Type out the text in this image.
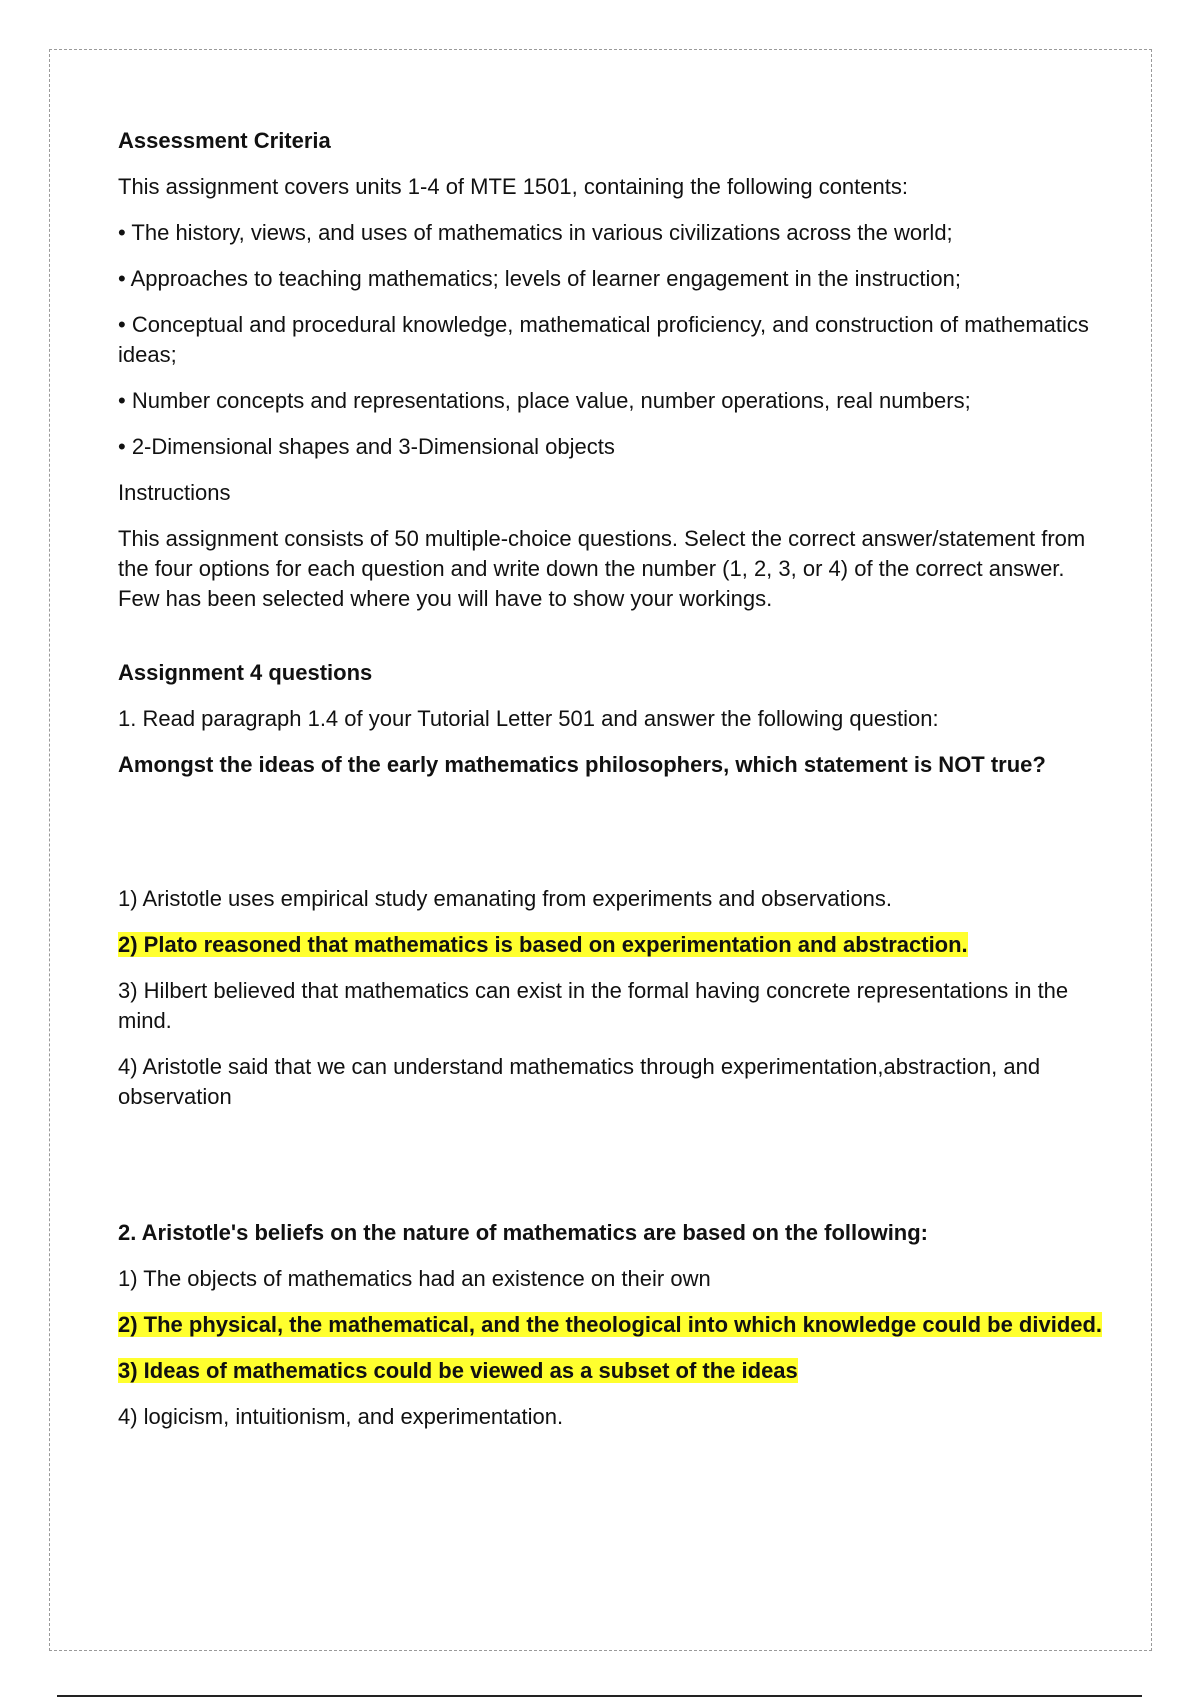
Assessment Criteria

This assignment covers units 1-4 of MTE 1501, containing the following contents:

• The history, views, and uses of mathematics in various civilizations across the world;

• Approaches to teaching mathematics; levels of learner engagement in the instruction;

• Conceptual and procedural knowledge, mathematical proficiency, and construction of mathematics ideas;

• Number concepts and representations, place value, number operations, real numbers;

• 2-Dimensional shapes and 3-Dimensional objects

Instructions

This assignment consists of 50 multiple-choice questions. Select the correct answer/statement from the four options for each question and write down the number (1, 2, 3, or 4) of the correct answer. Few has been selected where you will have to show your workings.

Assignment 4 questions

1. Read paragraph 1.4 of your Tutorial Letter 501 and answer the following question:

Amongst the ideas of the early mathematics philosophers, which statement is NOT true?

1) Aristotle uses empirical study emanating from experiments and observations.

2) Plato reasoned that mathematics is based on experimentation and abstraction.

3) Hilbert believed that mathematics can exist in the formal having concrete representations in the mind.

4) Aristotle said that we can understand mathematics through experimentation,abstraction, and observation

2. Aristotle's beliefs on the nature of mathematics are based on the following:

1) The objects of mathematics had an existence on their own

2) The physical, the mathematical, and the theological into which knowledge could be divided.

3) Ideas of mathematics could be viewed as a subset of the ideas

4) logicism, intuitionism, and experimentation.
